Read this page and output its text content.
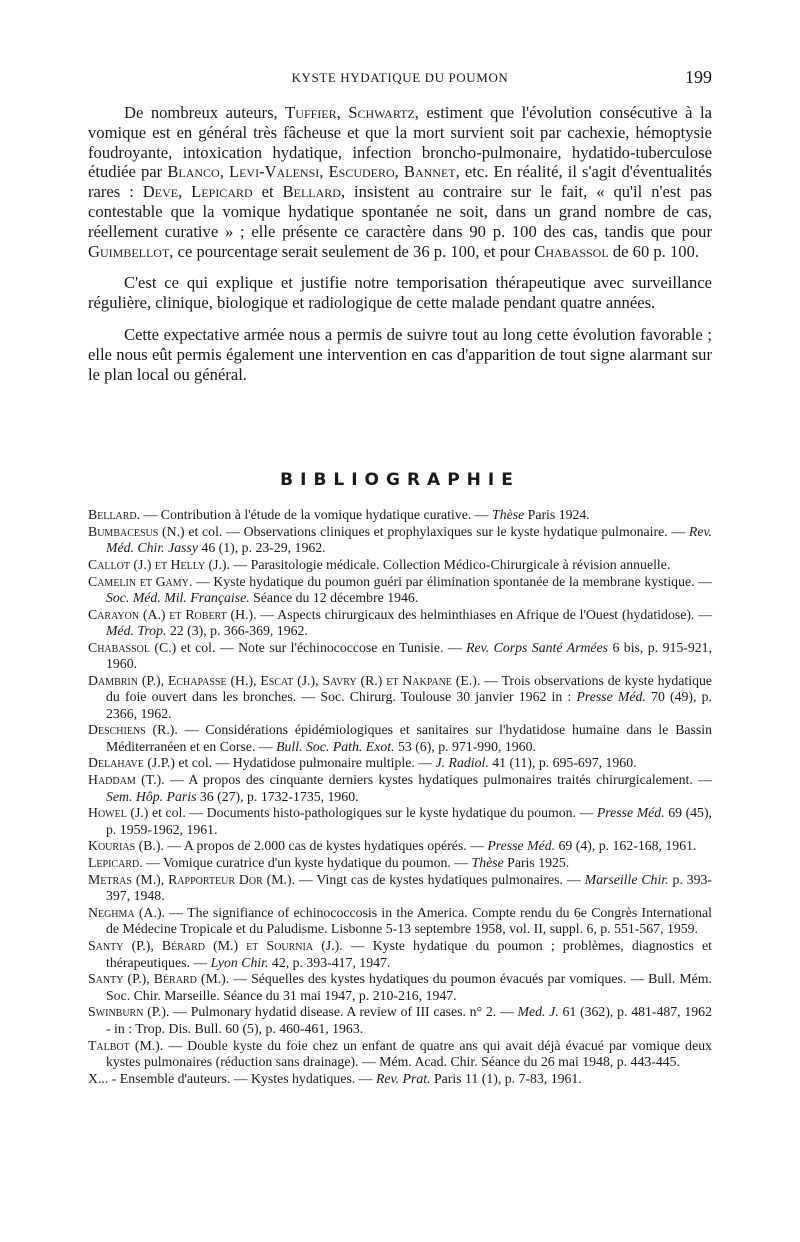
KYSTE HYDATIQUE DU POUMON	199

De nombreux auteurs, Tuffier, Schwartz, estiment que l'évolution consécutive à la vomique est en général très fâcheuse et que la mort survient soit par cachexie, hémoptysie foudroyante, intoxication hydatique, infection broncho-pulmonaire, hydatido-tuberculose étudiée par Blanco, Levi-Valensi, Escudero, Bannet, etc. En réalité, il s'agit d'éventualités rares : Deve, Lepicard et Bellard, insistent au contraire sur le fait, « qu'il n'est pas contestable que la vomique hydatique spontanée ne soit, dans un grand nombre de cas, réellement curative » ; elle présente ce caractère dans 90 p. 100 des cas, tandis que pour Guimbellot, ce pourcentage serait seulement de 36 p. 100, et pour Chabassol de 60 p. 100.

C'est ce qui explique et justifie notre temporisation thérapeutique avec surveillance régulière, clinique, biologique et radiologique de cette malade pendant quatre années.

Cette expectative armée nous a permis de suivre tout au long cette évolution favorable ; elle nous eût permis également une intervention en cas d'apparition de tout signe alarmant sur le plan local ou général.

BIBLIOGRAPHIE

Bellard. — Contribution à l'étude de la vomique hydatique curative. — Thèse Paris 1924.

Bumbacesus (N.) et col. — Observations cliniques et prophylaxiques sur le kyste hydatique pulmonaire. — Rev. Méd. Chir. Jassy 46 (1), p. 23-29, 1962.

Callot (J.) et Helly (J.). — Parasitologie médicale. Collection Médico-Chirurgicale à révision annuelle.

Camelin et Gamy. — Kyste hydatique du poumon guéri par élimination spontanée de la membrane kystique. — Soc. Méd. Mil. Française. Séance du 12 décembre 1946.

Carayon (A.) et Robert (H.). — Aspects chirurgicaux des helminthiases en Afrique de l'Ouest (hydatidose). — Méd. Trop. 22 (3), p. 366-369, 1962.

Chabassol (C.) et col. — Note sur l'échinococcose en Tunisie. — Rev. Corps Santé Armées 6 bis, p. 915-921, 1960.

Dambrin (P.), Echapasse (H.), Escat (J.), Savry (R.) et Nakpane (E.). — Trois observations de kyste hydatique du foie ouvert dans les bronches. — Soc. Chirurg. Toulouse 30 janvier 1962 in : Presse Méd. 70 (49), p. 2366, 1962.

Deschiens (R.). — Considérations épidémiologiques et sanitaires sur l'hydatidose humaine dans le Bassin Méditerranéen et en Corse. — Bull. Soc. Path. Exot. 53 (6), p. 971-990, 1960.

Delahave (J.P.) et col. — Hydatidose pulmonaire multiple. — J. Radiol. 41 (11), p. 695-697, 1960.

Haddam (T.). — A propos des cinquante derniers kystes hydatiques pulmonaires traités chirurgicalement. — Sem. Hôp. Paris 36 (27), p. 1732-1735, 1960.

Howel (J.) et col. — Documents histo-pathologiques sur le kyste hydatique du poumon. — Presse Méd. 69 (45), p. 1959-1962, 1961.

Kourias (B.). — A propos de 2.000 cas de kystes hydatiques opérés. — Presse Méd. 69 (4), p. 162-168, 1961.

Lepicard. — Vomique curatrice d'un kyste hydatique du poumon. — Thèse Paris 1925.

Metras (M.), Rapporteur Dor (M.). — Vingt cas de kystes hydatiques pulmonaires. — Marseille Chir. p. 393-397, 1948.

Neghma (A.). — The signifiance of echinococcosis in the America. Compte rendu du 6e Congrès International de Médecine Tropicale et du Paludisme. Lisbonne 5-13 septembre 1958, vol. II, suppl. 6, p. 551-567, 1959.

Santy (P.), Bérard (M.) et Sournia (J.). — Kyste hydatique du poumon ; problèmes, diagnostics et thérapeutiques. — Lyon Chir. 42, p. 393-417, 1947.

Santy (P.), Bérard (M.). — Séquelles des kystes hydatiques du poumon évacués par vomiques. — Bull. Mém. Soc. Chir. Marseille. Séance du 31 mai 1947, p. 210-216, 1947.

Swinburn (P.). — Pulmonary hydatid disease. A review of III cases. n° 2. — Med. J. 61 (362), p. 481-487, 1962 - in : Trop. Dis. Bull. 60 (5), p. 460-461, 1963.

Talbot (M.). — Double kyste du foie chez un enfant de quatre ans qui avait déjà évacué par vomique deux kystes pulmonaires (réduction sans drainage). — Mém. Acad. Chir. Séance du 26 mai 1948, p. 443-445.

X... - Ensemble d'auteurs. — Kystes hydatiques. — Rev. Prat. Paris 11 (1), p. 7-83, 1961.
